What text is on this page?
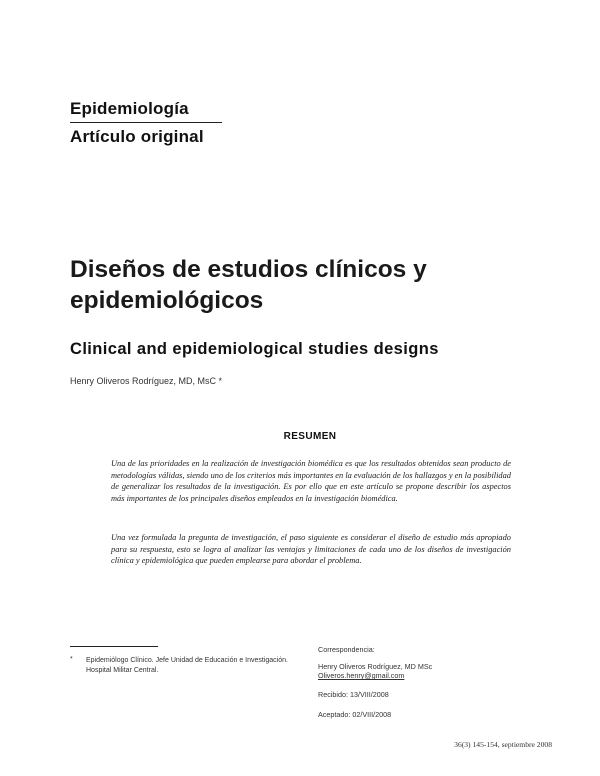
Epidemiología
Artículo original
Diseños de estudios clínicos y epidemiológicos
Clinical and epidemiological studies designs
Henry Oliveros Rodríguez, MD, MsC *
RESUMEN
Una de las prioridades en la realización de investigación biomédica es que los resultados obtenidos sean producto de metodologías válidas, siendo uno de los criterios más importantes en la evaluación de los hallazgos y en la posibilidad de generalizar los resultados de la investigación. Es por ello que en este artículo se propone describir los aspectos más importantes de los principales diseños empleados en la investigación biomédica.
Una vez formulada la pregunta de investigación, el paso siguiente es considerar el diseño de estudio más apropiado para su respuesta, esto se logra al analizar las ventajas y limitaciones de cada uno de los diseños de investigación clínica y epidemiológica que pueden emplearse para abordar el problema.
* Epidemiólogo Clínico. Jefe Unidad de Educación e Investigación. Hospital Militar Central.
Correspondencia:
Henry Oliveros Rodríguez, MD MSc
Oliveros.henry@gmail.com
Recibido: 13/VIII/2008
Aceptado: 02/VIII/2008
36(3) 145-154, septiembre 2008
